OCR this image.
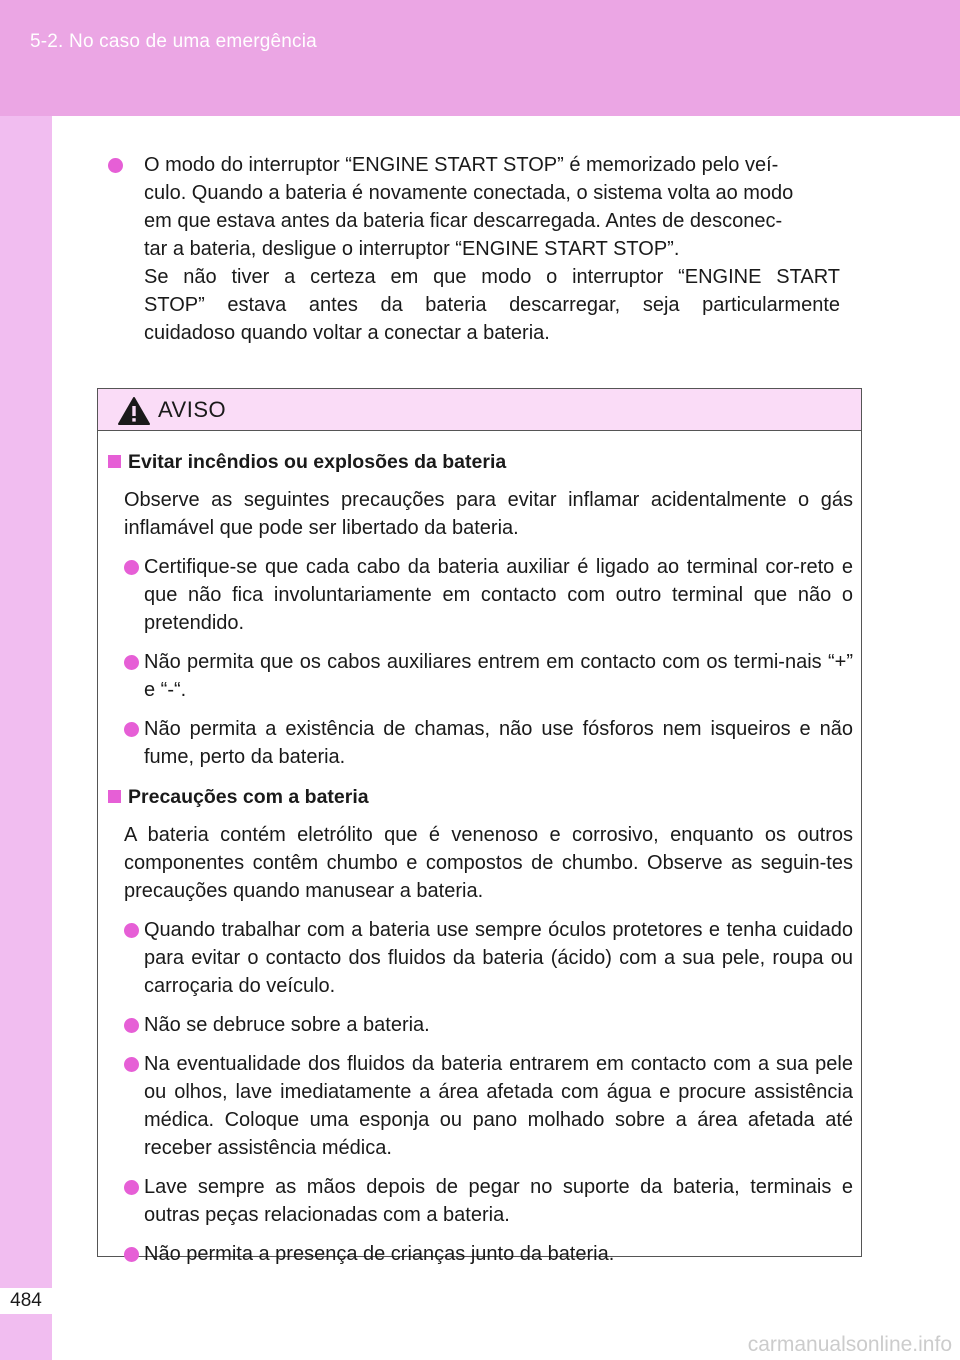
5-2. No caso de uma emergência
484
O modo do interruptor “ENGINE START STOP” é memorizado pelo veí-
culo. Quando a bateria é novamente conectada, o sistema volta ao modo
em que estava antes da bateria ficar descarregada. Antes de desconec-
tar a bateria, desligue o interruptor “ENGINE START STOP”.
Se não tiver a certeza em que modo o interruptor “ENGINE START
STOP” estava antes da bateria descarregar, seja particularmente
cuidadoso quando voltar a conectar a bateria.
AVISO
Evitar incêndios ou explosões da bateria
Observe as seguintes precauções para evitar inflamar acidentalmente o gás inflamável que pode ser libertado da bateria.
Certifique-se que cada cabo da bateria auxiliar é ligado ao terminal cor-reto e que não fica involuntariamente em contacto com outro terminal que não o pretendido.
Não permita que os cabos auxiliares entrem em contacto com os termi-nais “+” e “-“.
Não permita a existência de chamas, não use fósforos nem isqueiros e não fume, perto da bateria.
Precauções com a bateria
A bateria contém eletrólito que é venenoso e corrosivo, enquanto os outros componentes contêm chumbo e compostos de chumbo. Observe as seguin-tes precauções quando manusear a bateria.
Quando trabalhar com a bateria use sempre óculos protetores e tenha cuidado para evitar o contacto dos fluidos da bateria (ácido) com a sua pele, roupa ou carroçaria do veículo.
Não se debruce sobre a bateria.
Na eventualidade dos fluidos da bateria entrarem em contacto com a sua pele ou olhos, lave imediatamente a área afetada com água e procure assistência médica. Coloque uma esponja ou pano molhado sobre a área afetada até receber assistência médica.
Lave sempre as mãos depois de pegar no suporte da bateria, terminais e outras peças relacionadas com a bateria.
Não permita a presença de crianças junto da bateria.
carmanualsonline.info
